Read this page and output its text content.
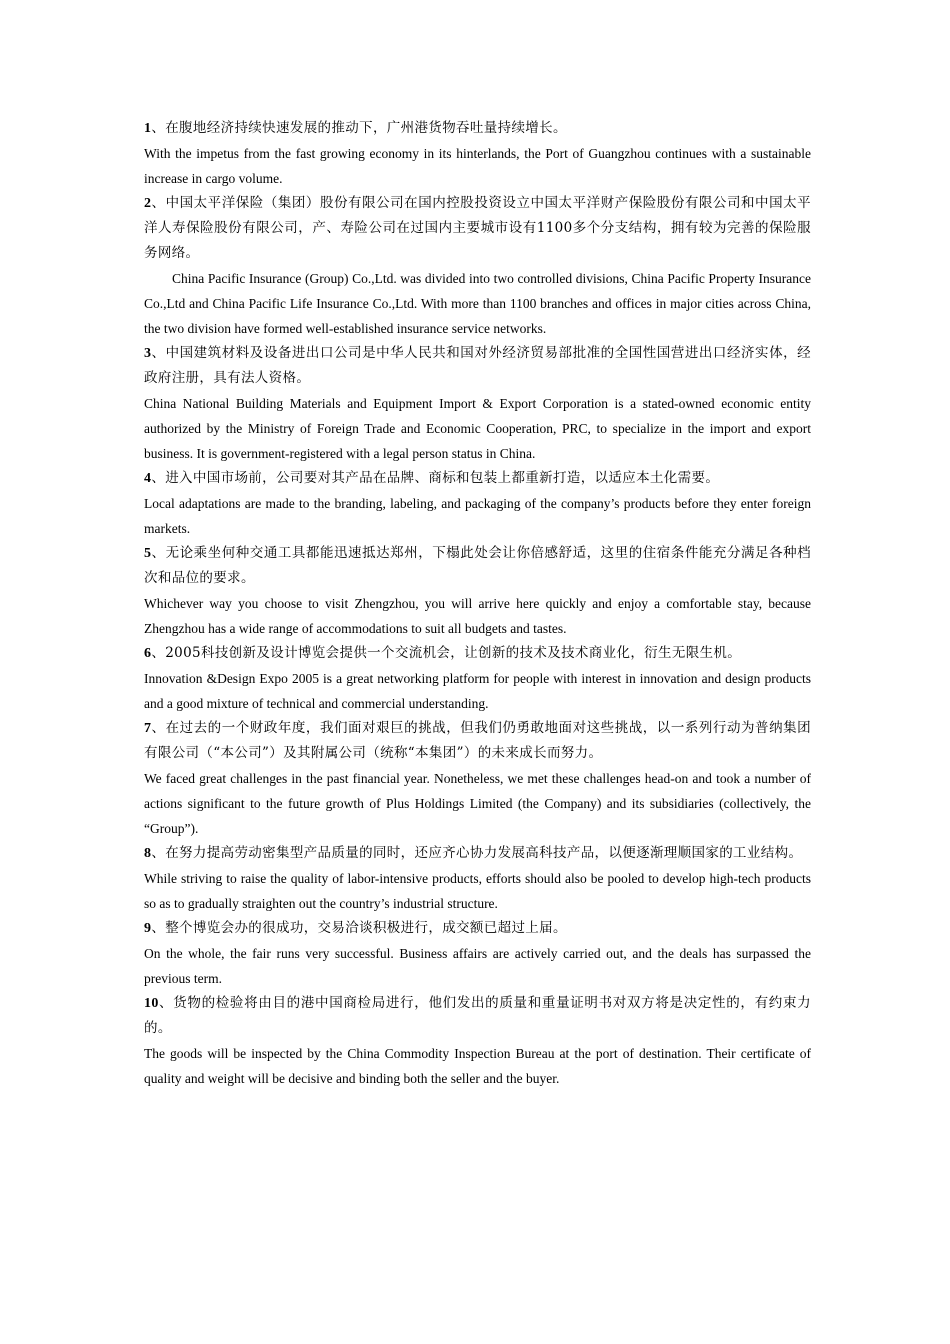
1、在腹地经济持续快速发展的推动下，广州港货物吞吐量持续增长。

With the impetus from the fast growing economy in its hinterlands, the Port of Guangzhou continues with a sustainable increase in cargo volume.

2、中国太平洋保险（集团）股份有限公司在国内控股投资设立中国太平洋财产保险股份有限公司和中国太平洋人寿保险股份有限公司，产、寿险公司在过国内主要城市设有1100多个分支结构，拥有较为完善的保险服务网络。

China Pacific Insurance (Group) Co.,Ltd. was divided into two controlled divisions, China Pacific Property Insurance Co.,Ltd and China Pacific Life Insurance Co.,Ltd. With more than 1100 branches and offices in major cities across China, the two division have formed well-established insurance service networks.

3、中国建筑材料及设备进出口公司是中华人民共和国对外经济贸易部批准的全国性国营进出口经济实体，经政府注册，具有法人资格。

China National Building Materials and Equipment Import & Export Corporation is a stated-owned economic entity authorized by the Ministry of Foreign Trade and Economic Cooperation, PRC, to specialize in the import and export business. It is government-registered with a legal person status in China.

4、进入中国市场前，公司要对其产品在品牌、商标和包装上都重新打造，以适应本土化需要。

Local adaptations are made to the branding, labeling, and packaging of the company’s products before they enter foreign markets.

5、无论乘坐何种交通工具都能迅速抵达郑州，下榻此处会让你倍感舒适，这里的住宿条件能充分满足各种档次和品位的要求。

Whichever way you choose to visit Zhengzhou, you will arrive here quickly and enjoy a comfortable stay, because Zhengzhou has a wide range of accommodations to suit all budgets and tastes.

6、2005科技创新及设计博览会提供一个交流机会，让创新的技术及技术商业化，衍生无限生机。

Innovation &Design Expo 2005 is a great networking platform for people with interest in innovation and design products and a good mixture of technical and commercial understanding.

7、在过去的一个财政年度，我们面对艰巨的挑战，但我们仍勇敢地面对这些挑战，以一系列行动为普纳集团有限公司（“本公司”）及其附属公司（统称“本集团”）的未来成长而努力。

We faced great challenges in the past financial year. Nonetheless, we met these challenges head-on and took a number of actions significant to the future growth of Plus Holdings Limited (the Company) and its subsidiaries (collectively, the “Group”).

8、在努力提高劳动密集型产品质量的同时，还应齐心协力发展高科技产品，以便逐渐理顺国家的工业结构。

While striving to raise the quality of labor-intensive products, efforts should also be pooled to develop high-tech products so as to gradually straighten out the country’s industrial structure.

9、整个博览会办的很成功，交易洽谈积极进行，成交额已超过上届。

On the whole, the fair runs very successful. Business affairs are actively carried out, and the deals has surpassed the previous term.

10、货物的检验将由目的港中国商检局进行，他们发出的质量和重量证明书对双方将是决定性的，有约束力的。

The goods will be inspected by the China Commodity Inspection Bureau at the port of destination. Their certificate of quality and weight will be decisive and binding both the seller and the buyer.
